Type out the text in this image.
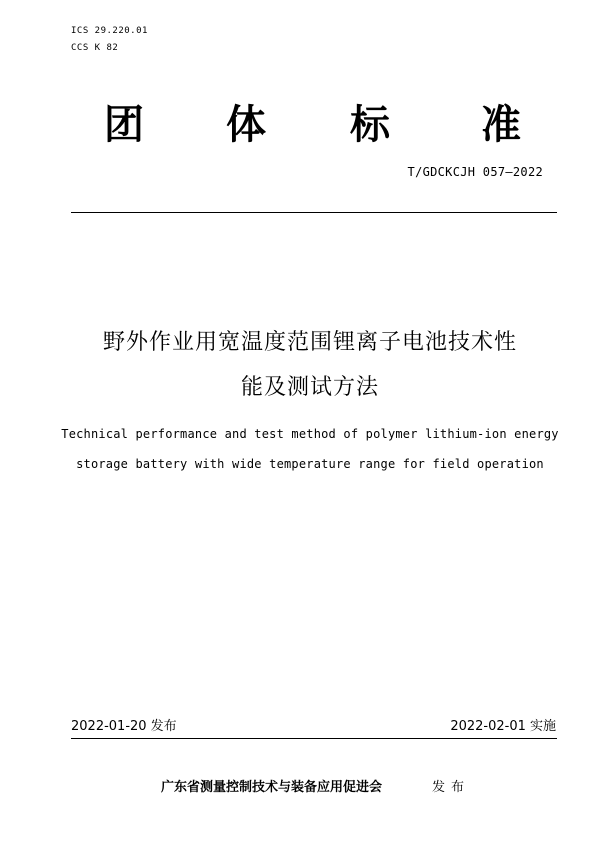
ICS 29.220.01
CCS K 82
团 体 标 准
T/GDCKCJH 057—2022
野外作业用宽温度范围锂离子电池技术性
能及测试方法
Technical performance and test method of polymer lithium-ion energy
storage battery with wide temperature range for field operation
2022-01-20 发布	2022-02-01 实施
广东省测量控制技术与装备应用促进会	发布
